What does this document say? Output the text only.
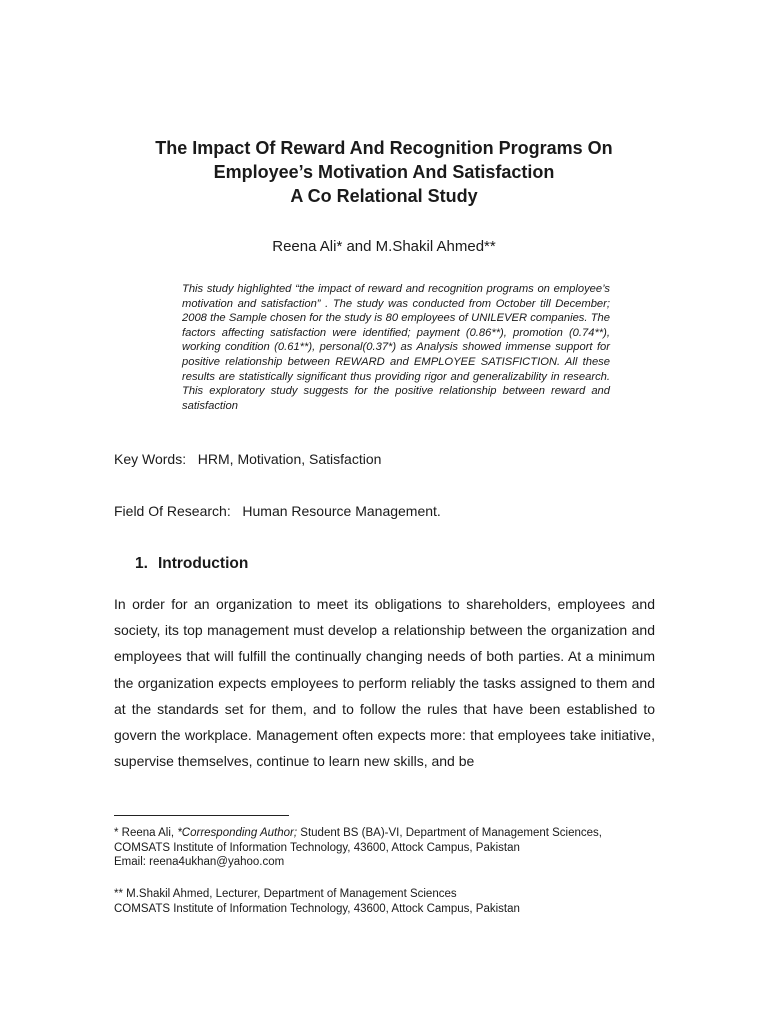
The Impact Of Reward And Recognition Programs On
Employee’s Motivation And Satisfaction
A Co Relational Study
Reena Ali* and M.Shakil Ahmed**
This study highlighted “the impact of reward and recognition programs on employee’s motivation and satisfaction” . The study was conducted from October till December; 2008 the Sample chosen for the study is 80 employees of UNILEVER companies. The factors affecting satisfaction were identified; payment (0.86**), promotion (0.74**), working condition (0.61**), personal(0.37*) as Analysis showed immense support for positive relationship between REWARD and EMPLOYEE SATISFICTION. All these results are statistically significant thus providing rigor and generalizability in research. This exploratory study suggests for the positive relationship between reward and satisfaction
Key Words: HRM, Motivation, Satisfaction
Field Of Research: Human Resource Management.
1. Introduction
In order for an organization to meet its obligations to shareholders, employees and society, its top management must develop a relationship between the organization and employees that will fulfill the continually changing needs of both parties. At a minimum the organization expects employees to perform reliably the tasks assigned to them and at the standards set for them, and to follow the rules that have been established to govern the workplace. Management often expects more: that employees take initiative, supervise themselves, continue to learn new skills, and be
* Reena Ali, *Corresponding Author; Student BS (BA)-VI, Department of Management Sciences,
COMSATS Institute of Information Technology, 43600, Attock Campus, Pakistan
Email: reena4ukhan@yahoo.com
** M.Shakil Ahmed, Lecturer, Department of Management Sciences
COMSATS Institute of Information Technology, 43600, Attock Campus, Pakistan
